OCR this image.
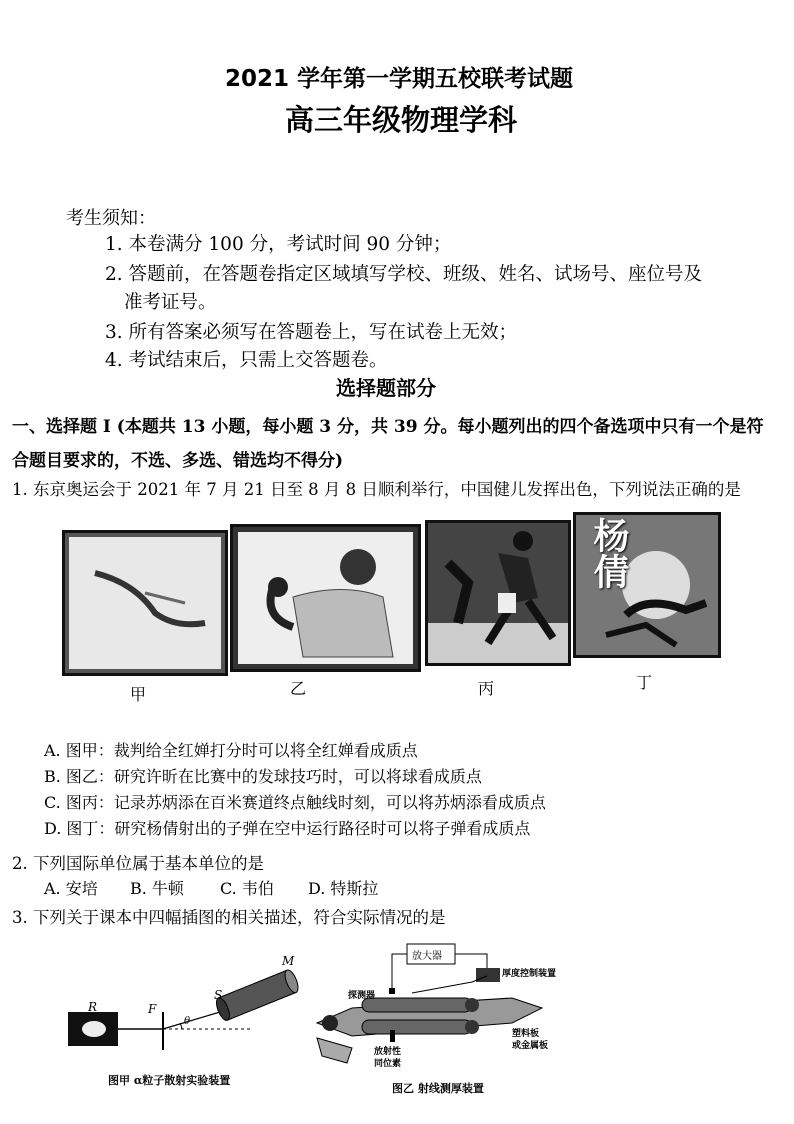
2021 学年第一学期五校联考试题
高三年级物理学科
考生须知：
1. 本卷满分 100 分，考试时间 90 分钟；
2. 答题前，在答题卷指定区域填写学校、班级、姓名、试场号、座位号及
准考证号。
3. 所有答案必须写在答题卷上，写在试卷上无效；
4. 考试结束后，只需上交答题卷。
选择题部分
一、选择题 I (本题共 13 小题，每小题 3 分，共 39 分。每小题列出的四个备选项中只有一个是符
合题目要求的，不选、多选、错选均不得分)
1. 东京奥运会于 2021 年 7 月 21 日至 8 月 8 日顺利举行，中国健儿发挥出色，下列说法正确的是
杨倩
甲	乙	丙	丁
A. 图甲：裁判给全红婵打分时可以将全红婵看成质点
B. 图乙：研究许昕在比赛中的发球技巧时，可以将球看成质点
C. 图丙：记录苏炳添在百米赛道终点触线时刻，可以将苏炳添看成质点
D. 图丁：研究杨倩射出的子弹在空中运行路径时可以将子弹看成质点
2. 下列国际单位属于基本单位的是
A. 安培 B. 牛顿 C. 韦伯 D. 特斯拉
3. 下列关于课本中四幅插图的相关描述，符合实际情况的是
R	F
S
M
θ
图甲 α粒子散射实验装置
放大器
厚度控制装置
探测器
塑料板
或金属板
放射性
同位素
图乙 射线测厚装置
